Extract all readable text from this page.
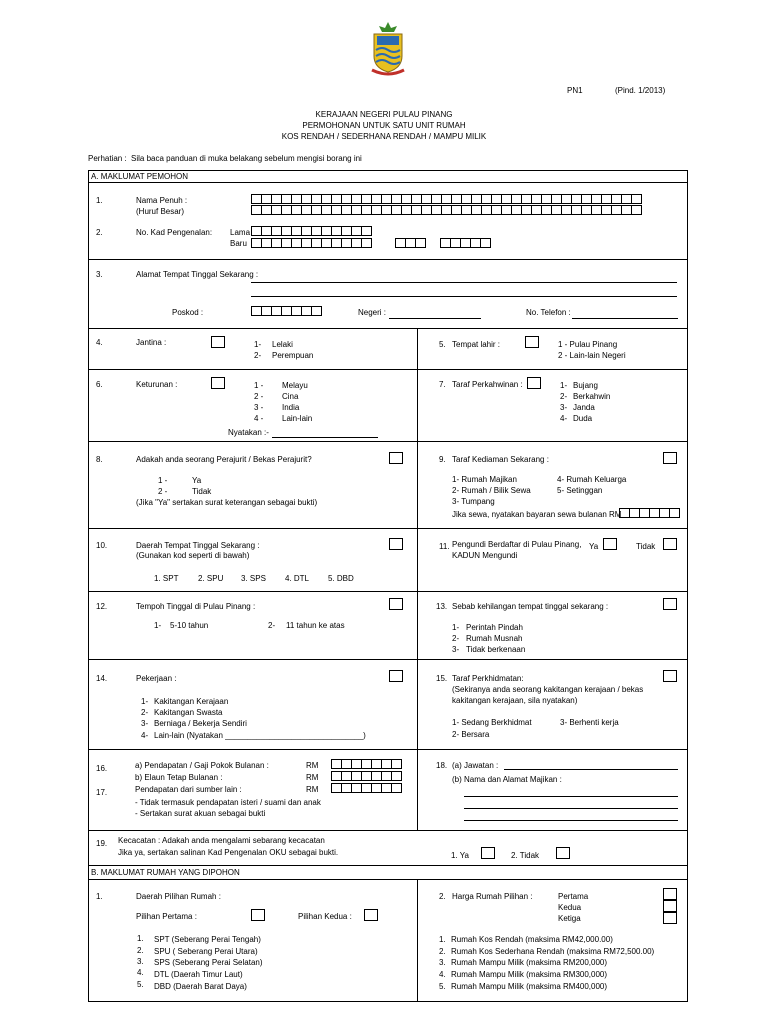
PN1	(Pind. 1/2013)
KERAJAAN NEGERI PULAU PINANG
PERMOHONAN UNTUK SATU UNIT RUMAH
KOS RENDAH / SEDERHANA RENDAH / MAMPU MILIK
Perhatian : Sila baca panduan di muka belakang sebelum mengisi borang ini
A. MAKLUMAT PEMOHON
1.	Nama Penuh :
(Huruf Besar)
2.	No. Kad Pengenalan: Lama
Baru
3.	Alamat Tempat Tinggal Sekarang :
Poskod :	Negeri :	No. Telefon :
4.	Jantina :	1- Lelaki
2- Perempuan
5. Tempat lahir :	1 - Pulau Pinang
2 - Lain-lain Negeri
6.	Keturunan :	1 - Melayu
2 - Cina
3 - India
4 - Lain-lain
Nyatakan :-
7. Taraf Perkahwinan :	1- Bujang
2- Berkahwin
3- Janda
4- Duda
8.	Adakah anda seorang Perajurit / Bekas Perajurit?
1 -	Ya
2 -	Tidak
(Jika "Ya" sertakan surat keterangan sebagai bukti)
9. Taraf Kediaman Sekarang :
1- Rumah Majikan	4- Rumah Keluarga
2- Rumah / Bilik Sewa	5- Setinggan
3- Tumpang
Jika sewa, nyatakan bayaran sewa bulanan RM
10.	Daerah Tempat Tinggal Sekarang :
(Gunakan kod seperti di bawah)
1. SPT 2. SPU 3. SPS 4. DTL 5. DBD
11. Pengundi Berdaftar di Pulau Pinang,
KADUN Mengundi
Ya	Tidak
12.	Tempoh Tinggal di Pulau Pinang :
1- 5-10 tahun	2- 11 tahun ke atas
13. Sebab kehilangan tempat tinggal sekarang :
1- Perintah Pindah
2- Rumah Musnah
3- Tidak berkenaan
14.	Pekerjaan :
1- Kakitangan Kerajaan
2- Kakitangan Swasta
3- Berniaga / Bekerja Sendiri
4- Lain-lain (Nyatakan _______________________________)
15. Taraf Perkhidmatan:
(Sekiranya anda seorang kakitangan kerajaan / bekas
kakitangan kerajaan, sila nyatakan)
1- Sedang Berkhidmat	3- Berhenti kerja
2- Bersara
16.	a) Pendapatan / Gaji Pokok Bulanan :	RM
b) Elaun Tetap Bulanan :	RM
17.	Pendapatan dari sumber lain :	RM
- Tidak termasuk pendapatan isteri / suami dan anak
- Sertakan surat akuan sebagai bukti
18. (a) Jawatan :
(b) Nama dan Alamat Majikan :
19. Kecacatan : Adakah anda mengalami sebarang kecacatan
Jika ya, sertakan salinan Kad Pengenalan OKU sebagai bukti.	1. Ya	2. Tidak
B. MAKLUMAT RUMAH YANG DIPOHON
1.	Daerah Pilihan Rumah :
Pilihan Pertama :	Pilihan Kedua :
1. SPT (Seberang Perai Tengah)
2. SPU ( Seberang Perai Utara)
3. SPS (Seberang Perai Selatan)
4. DTL (Daerah Timur Laut)
5. DBD (Daerah Barat Daya)
2. Harga Rumah Pilihan :	Pertama
Kedua
Ketiga
1. Rumah Kos Rendah (maksima RM42,000.00)
2. Rumah Kos Sederhana Rendah (maksima RM72,500.00)
3. Rumah Mampu Milik (maksima RM200,000)
4. Rumah Mampu Milik (maksima RM300,000)
5. Rumah Mampu Milik (maksima RM400,000)
